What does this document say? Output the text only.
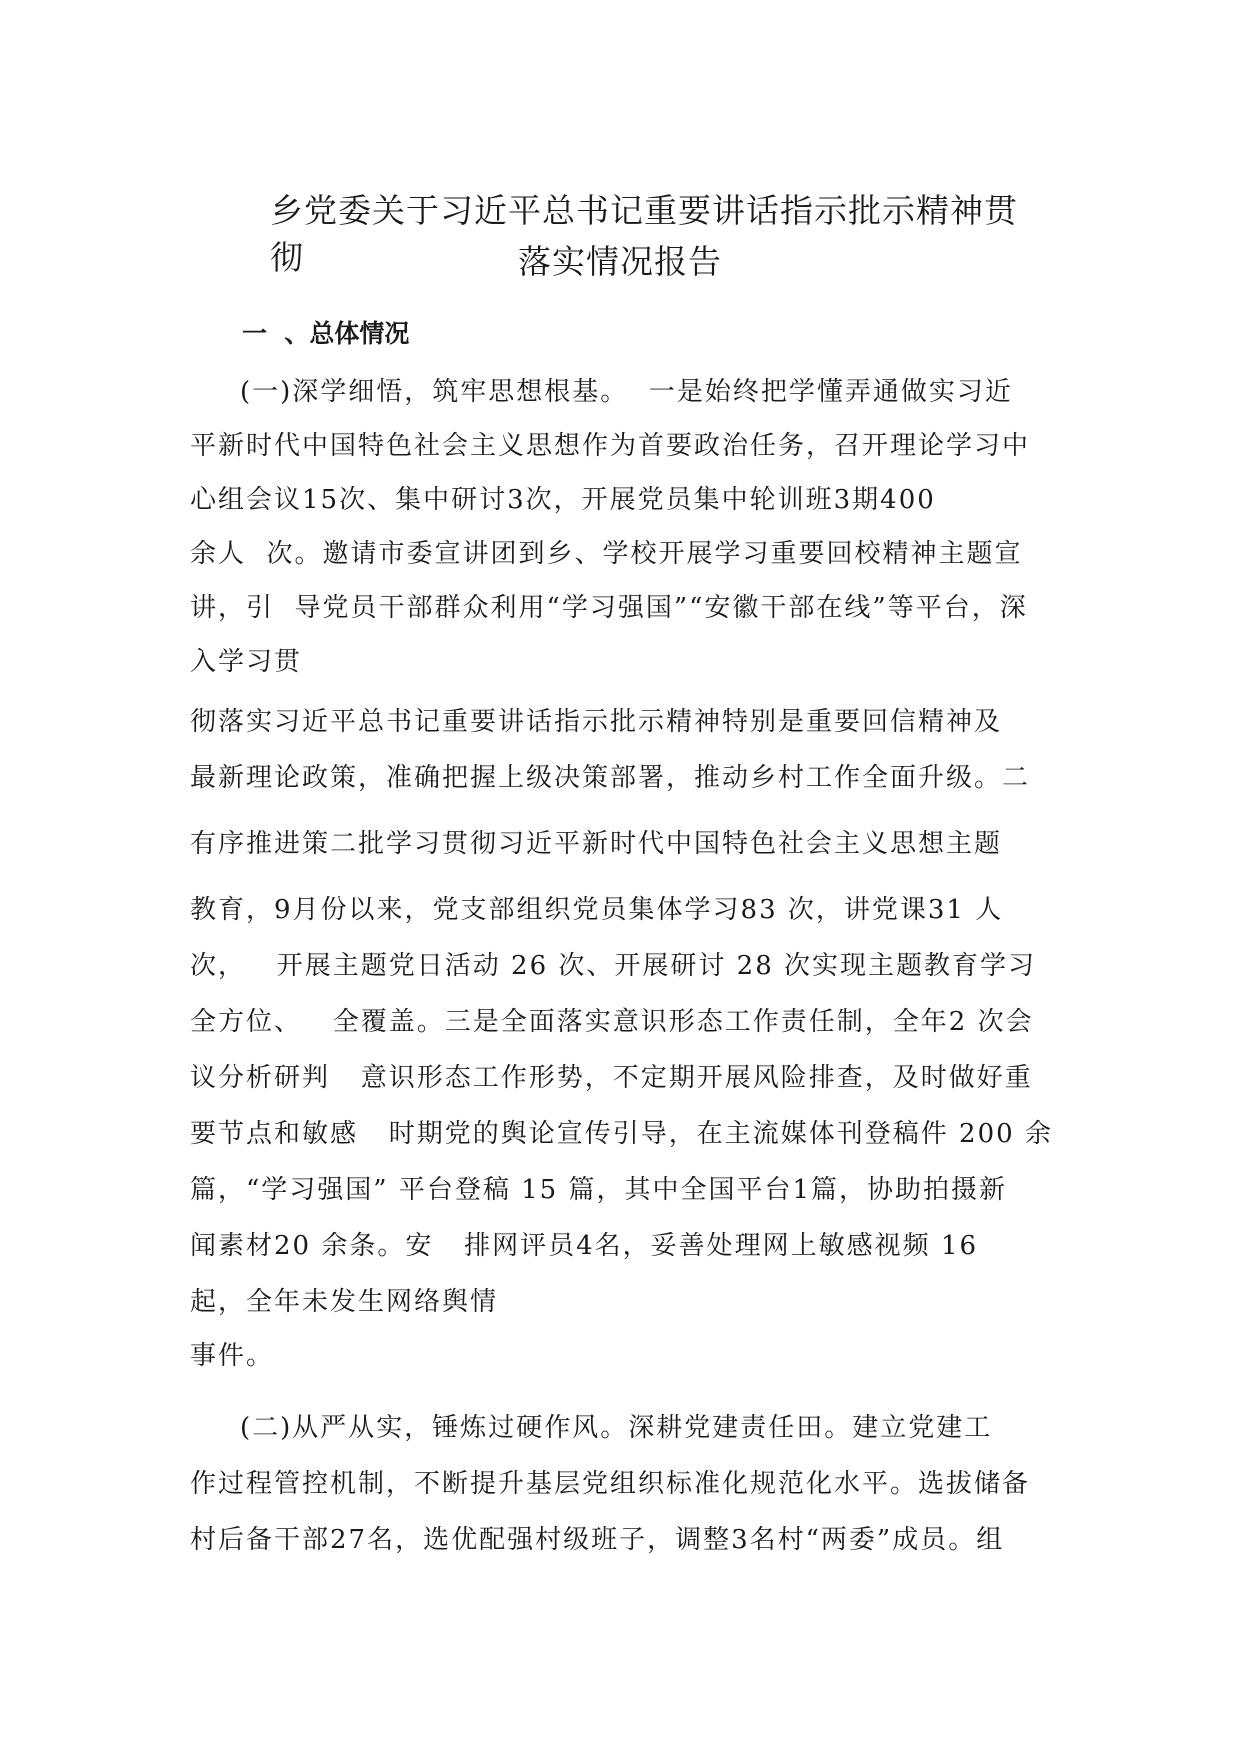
乡党委关于习近平总书记重要讲话指示批示精神贯彻	落实情况报告
一  、总体情况
(一)深学细悟，筑牢思想根基。  一是始终把学懂弄通做实习近
平新时代中国特色社会主义思想作为首要政治任务，召开理论学习中
心组会议15次、集中研讨3次，开展党员集中轮训班3期400
余人  次。邀请市委宣讲团到乡、学校开展学习重要回校精神主题宣
讲，引  导党员干部群众利用“学习强国”“安徽干部在线”等平台，深
入学习贯
彻落实习近平总书记重要讲话指示批示精神特别是重要回信精神及
最新理论政策，准确把握上级决策部署，推动乡村工作全面升级。二
有序推进策二批学习贯彻习近平新时代中国特色社会主义思想主题
教育，9月份以来，党支部组织党员集体学习83 次，讲党课31 人
次，   开展主题党日活动 26 次、开展研讨 28 次实现主题教育学习
全方位、   全覆盖。三是全面落实意识形态工作责任制，全年2 次会
议分析研判   意识形态工作形势，不定期开展风险排查，及时做好重
要节点和敏感   时期党的舆论宣传引导，在主流媒体刊登稿件 200 余
篇，“学习强国” 平台登稿 15 篇，其中全国平台1篇，协助拍摄新
闻素材20 余条。安   排网评员4名，妥善处理网上敏感视频 16
起，全年未发生网络舆情
事件。
(二)从严从实，锤炼过硬作风。深耕党建责任田。建立党建工
作过程管控机制，不断提升基层党组织标准化规范化水平。选拔储备
村后备干部27名，选优配强村级班子，调整3名村“两委”成员。组
